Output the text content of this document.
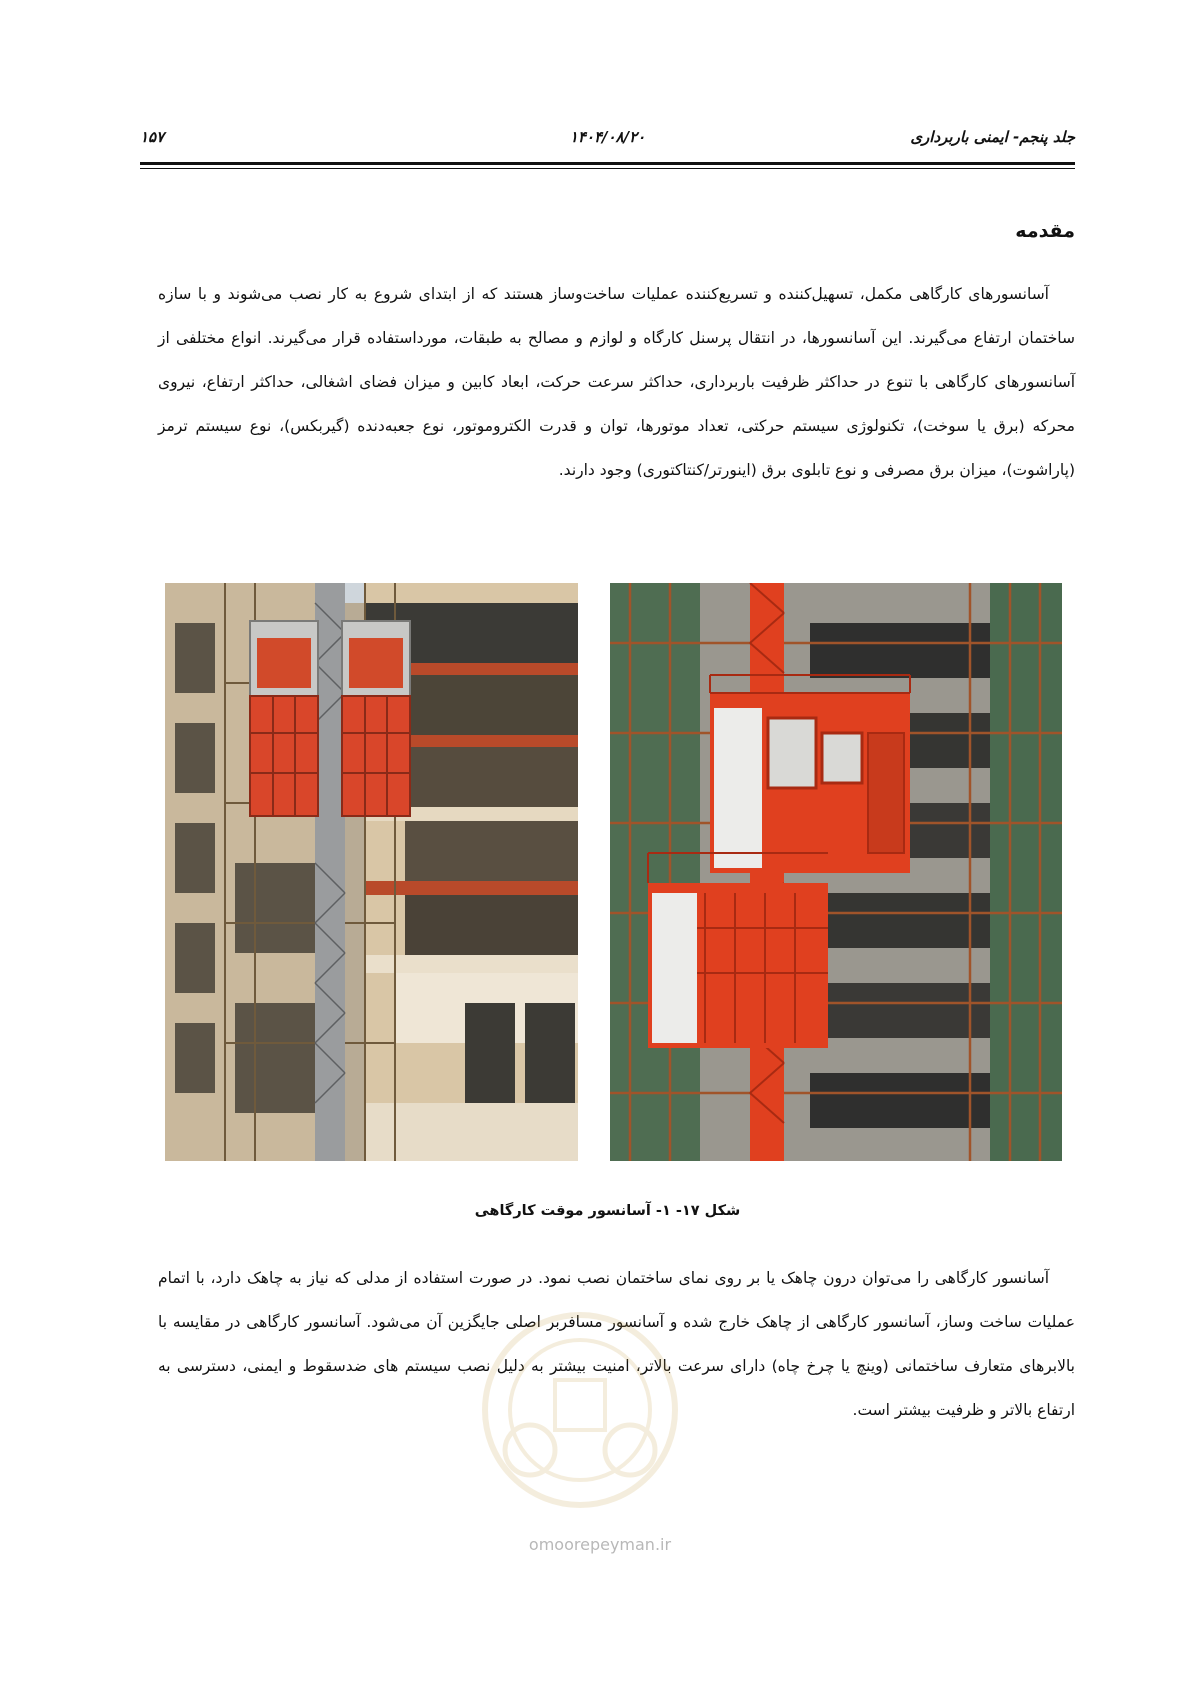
جلد پنجم- ایمنی باربرداری
۱۴۰۴/۰۸/۲۰
۱۵۷
مقدمه

آسانسورهای کارگاهی مکمل، تسهیل‌کننده و تسریع‌کننده عملیات ساخت‌وساز هستند که از ابتدای شروع به کار نصب می‌شوند و با سازه ساختمان ارتفاع می‌گیرند. این آسانسورها، در انتقال پرسنل کارگاه و لوازم و مصالح به طبقات، مورداستفاده قرار می‌گیرند. انواع مختلفی از آسانسورهای کارگاهی با تنوع در حداکثر ظرفیت باربرداری، حداکثر سرعت حرکت، ابعاد کابین و میزان فضای اشغالی، حداکثر ارتفاع، نیروی محرکه (برق یا سوخت)، تکنولوژی سیستم حرکتی، تعداد موتورها، توان و قدرت الکتروموتور، نوع جعبه‌دنده (گیربکس)، نوع سیستم ترمز (پاراشوت)، میزان برق مصرفی و نوع تابلوی برق (اینورتر/کنتاکتوری) وجود دارند.

شکل ۱۷- ۱- آسانسور موقت کارگاهی

آسانسور کارگاهی را می‌توان درون چاهک یا بر روی نمای ساختمان نصب نمود. در صورت استفاده از مدلی که نیاز به چاهک دارد، با اتمام عملیات ساخت وساز، آسانسور کارگاهی از چاهک خارج شده و آسانسور مسافربر اصلی جایگزین آن می‌شود. آسانسور کارگاهی در مقایسه با بالابرهای متعارف ساختمانی (وینچ یا چرخ چاه) دارای سرعت بالاتر، امنیت بیشتر به دلیل نصب سیستم های ضدسقوط و ایمنی، دسترسی به ارتفاع بالاتر و ظرفیت بیشتر است.

omoorepeyman.ir
